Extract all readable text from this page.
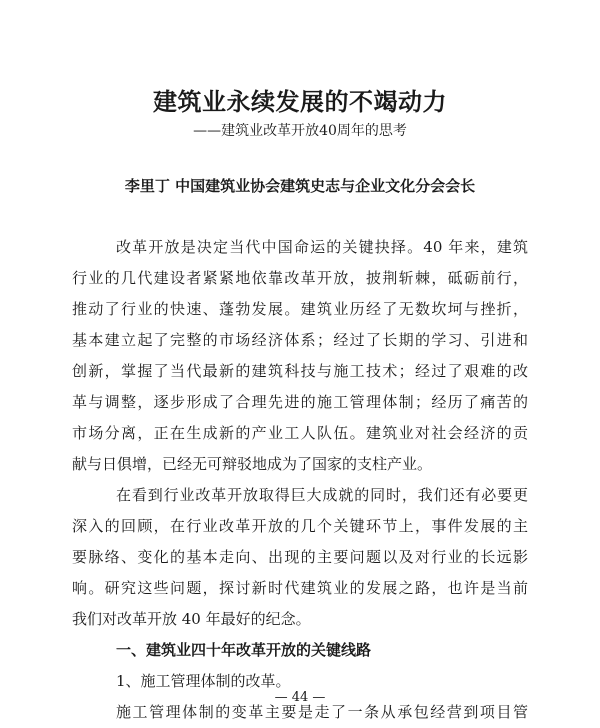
建筑业永续发展的不竭动力
——建筑业改革开放40周年的思考
李里丁 中国建筑业协会建筑史志与企业文化分会会长
改革开放是决定当代中国命运的关键抉择。40 年来，建筑
行业的几代建设者紧紧地依靠改革开放，披荆斩棘，砥砺前行，
推动了行业的快速、蓬勃发展。建筑业历经了无数坎坷与挫折，
基本建立起了完整的市场经济体系；经过了长期的学习、引进和
创新，掌握了当代最新的建筑科技与施工技术；经过了艰难的改
革与调整，逐步形成了合理先进的施工管理体制；经历了痛苦的
市场分离，正在生成新的产业工人队伍。建筑业对社会经济的贡
献与日俱增，已经无可辩驳地成为了国家的支柱产业。
在看到行业改革开放取得巨大成就的同时，我们还有必要更
深入的回顾，在行业改革开放的几个关键环节上，事件发展的主
要脉络、变化的基本走向、出现的主要问题以及对行业的长远影
响。研究这些问题，探讨新时代建筑业的发展之路，也许是当前
我们对改革开放 40 年最好的纪念。
一、建筑业四十年改革开放的关键线路
1、施工管理体制的改革。
施工管理体制的变革主要是走了一条从承包经营到项目管
— 44 —
